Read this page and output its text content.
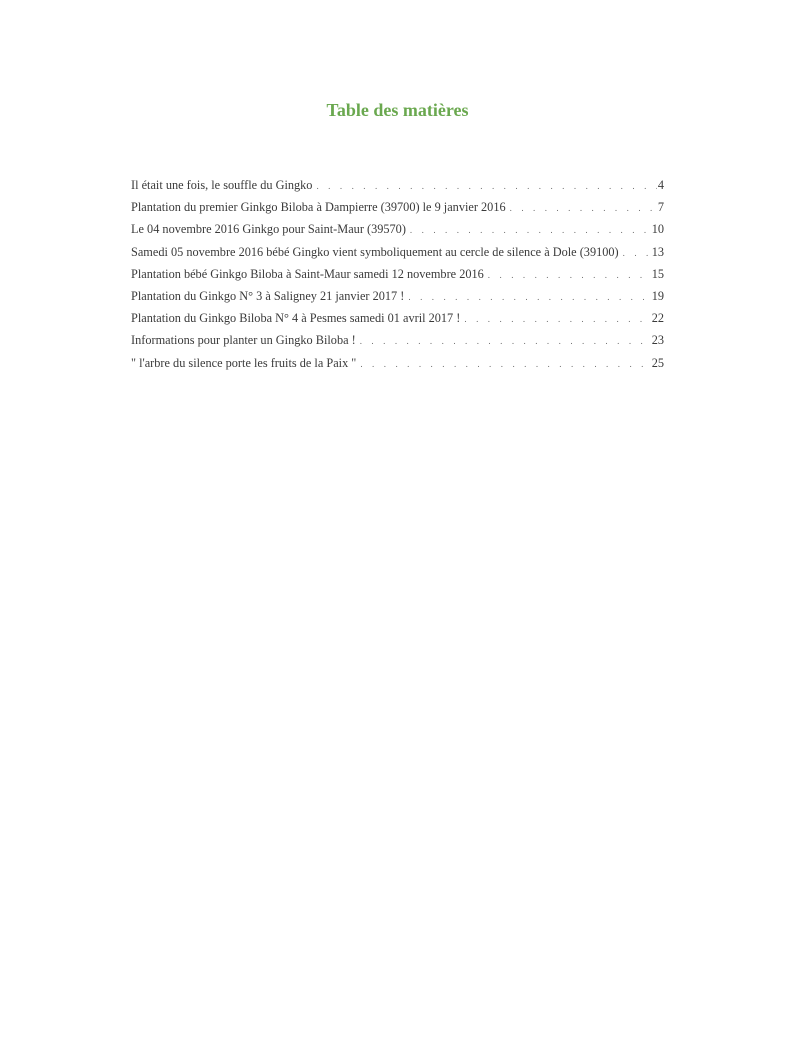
Table des matières
Il était une fois, le souffle du Gingko . . .	4
Plantation du premier Ginkgo Biloba à Dampierre (39700) le 9 janvier 2016 . . .	7
Le 04 novembre 2016 Ginkgo pour Saint-Maur (39570) . . .	10
Samedi 05 novembre 2016 bébé Gingko vient symboliquement au cercle de silence à Dole (39100) . . .	13
Plantation bébé Ginkgo Biloba à Saint-Maur samedi 12 novembre 2016 . . .	15
Plantation du Ginkgo N° 3 à Saligney 21 janvier 2017 ! . . .	19
Plantation du Ginkgo Biloba N° 4 à Pesmes samedi 01 avril 2017 ! . . .	22
Informations pour planter un Gingko Biloba ! . . .	23
" l'arbre du silence porte les fruits de la Paix " . . .	25
